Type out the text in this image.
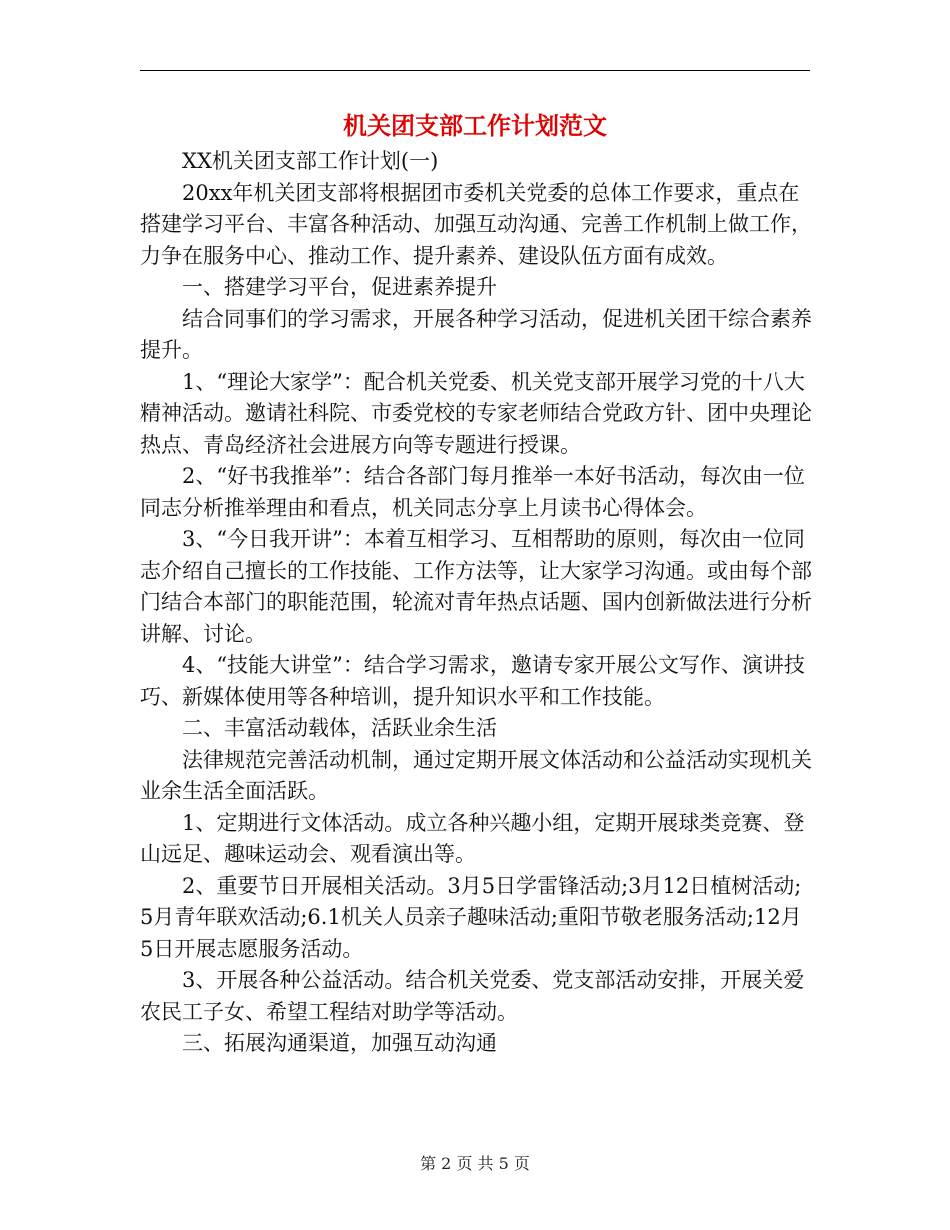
机关团支部工作计划范文

XX机关团支部工作计划(一)

20xx年机关团支部将根据团市委机关党委的总体工作要求，重点在搭建学习平台、丰富各种活动、加强互动沟通、完善工作机制上做工作，力争在服务中心、推动工作、提升素养、建设队伍方面有成效。

一、搭建学习平台，促进素养提升

结合同事们的学习需求，开展各种学习活动，促进机关团干综合素养提升。

1、“理论大家学”：配合机关党委、机关党支部开展学习党的十八大精神活动。邀请社科院、市委党校的专家老师结合党政方针、团中央理论热点、青岛经济社会进展方向等专题进行授课。

2、“好书我推举”：结合各部门每月推举一本好书活动，每次由一位同志分析推举理由和看点，机关同志分享上月读书心得体会。

3、“今日我开讲”：本着互相学习、互相帮助的原则，每次由一位同志介绍自己擅长的工作技能、工作方法等，让大家学习沟通。或由每个部门结合本部门的职能范围，轮流对青年热点话题、国内创新做法进行分析讲解、讨论。

4、“技能大讲堂”：结合学习需求，邀请专家开展公文写作、演讲技巧、新媒体使用等各种培训，提升知识水平和工作技能。

二、丰富活动载体，活跃业余生活

法律规范完善活动机制，通过定期开展文体活动和公益活动实现机关业余生活全面活跃。

1、定期进行文体活动。成立各种兴趣小组，定期开展球类竞赛、登山远足、趣味运动会、观看演出等。

2、重要节日开展相关活动。3月5日学雷锋活动;3月12日植树活动;5月青年联欢活动;6.1机关人员亲子趣味活动;重阳节敬老服务活动;12月5日开展志愿服务活动。

3、开展各种公益活动。结合机关党委、党支部活动安排，开展关爱农民工子女、希望工程结对助学等活动。

三、拓展沟通渠道，加强互动沟通

第 2 页 共 5 页
